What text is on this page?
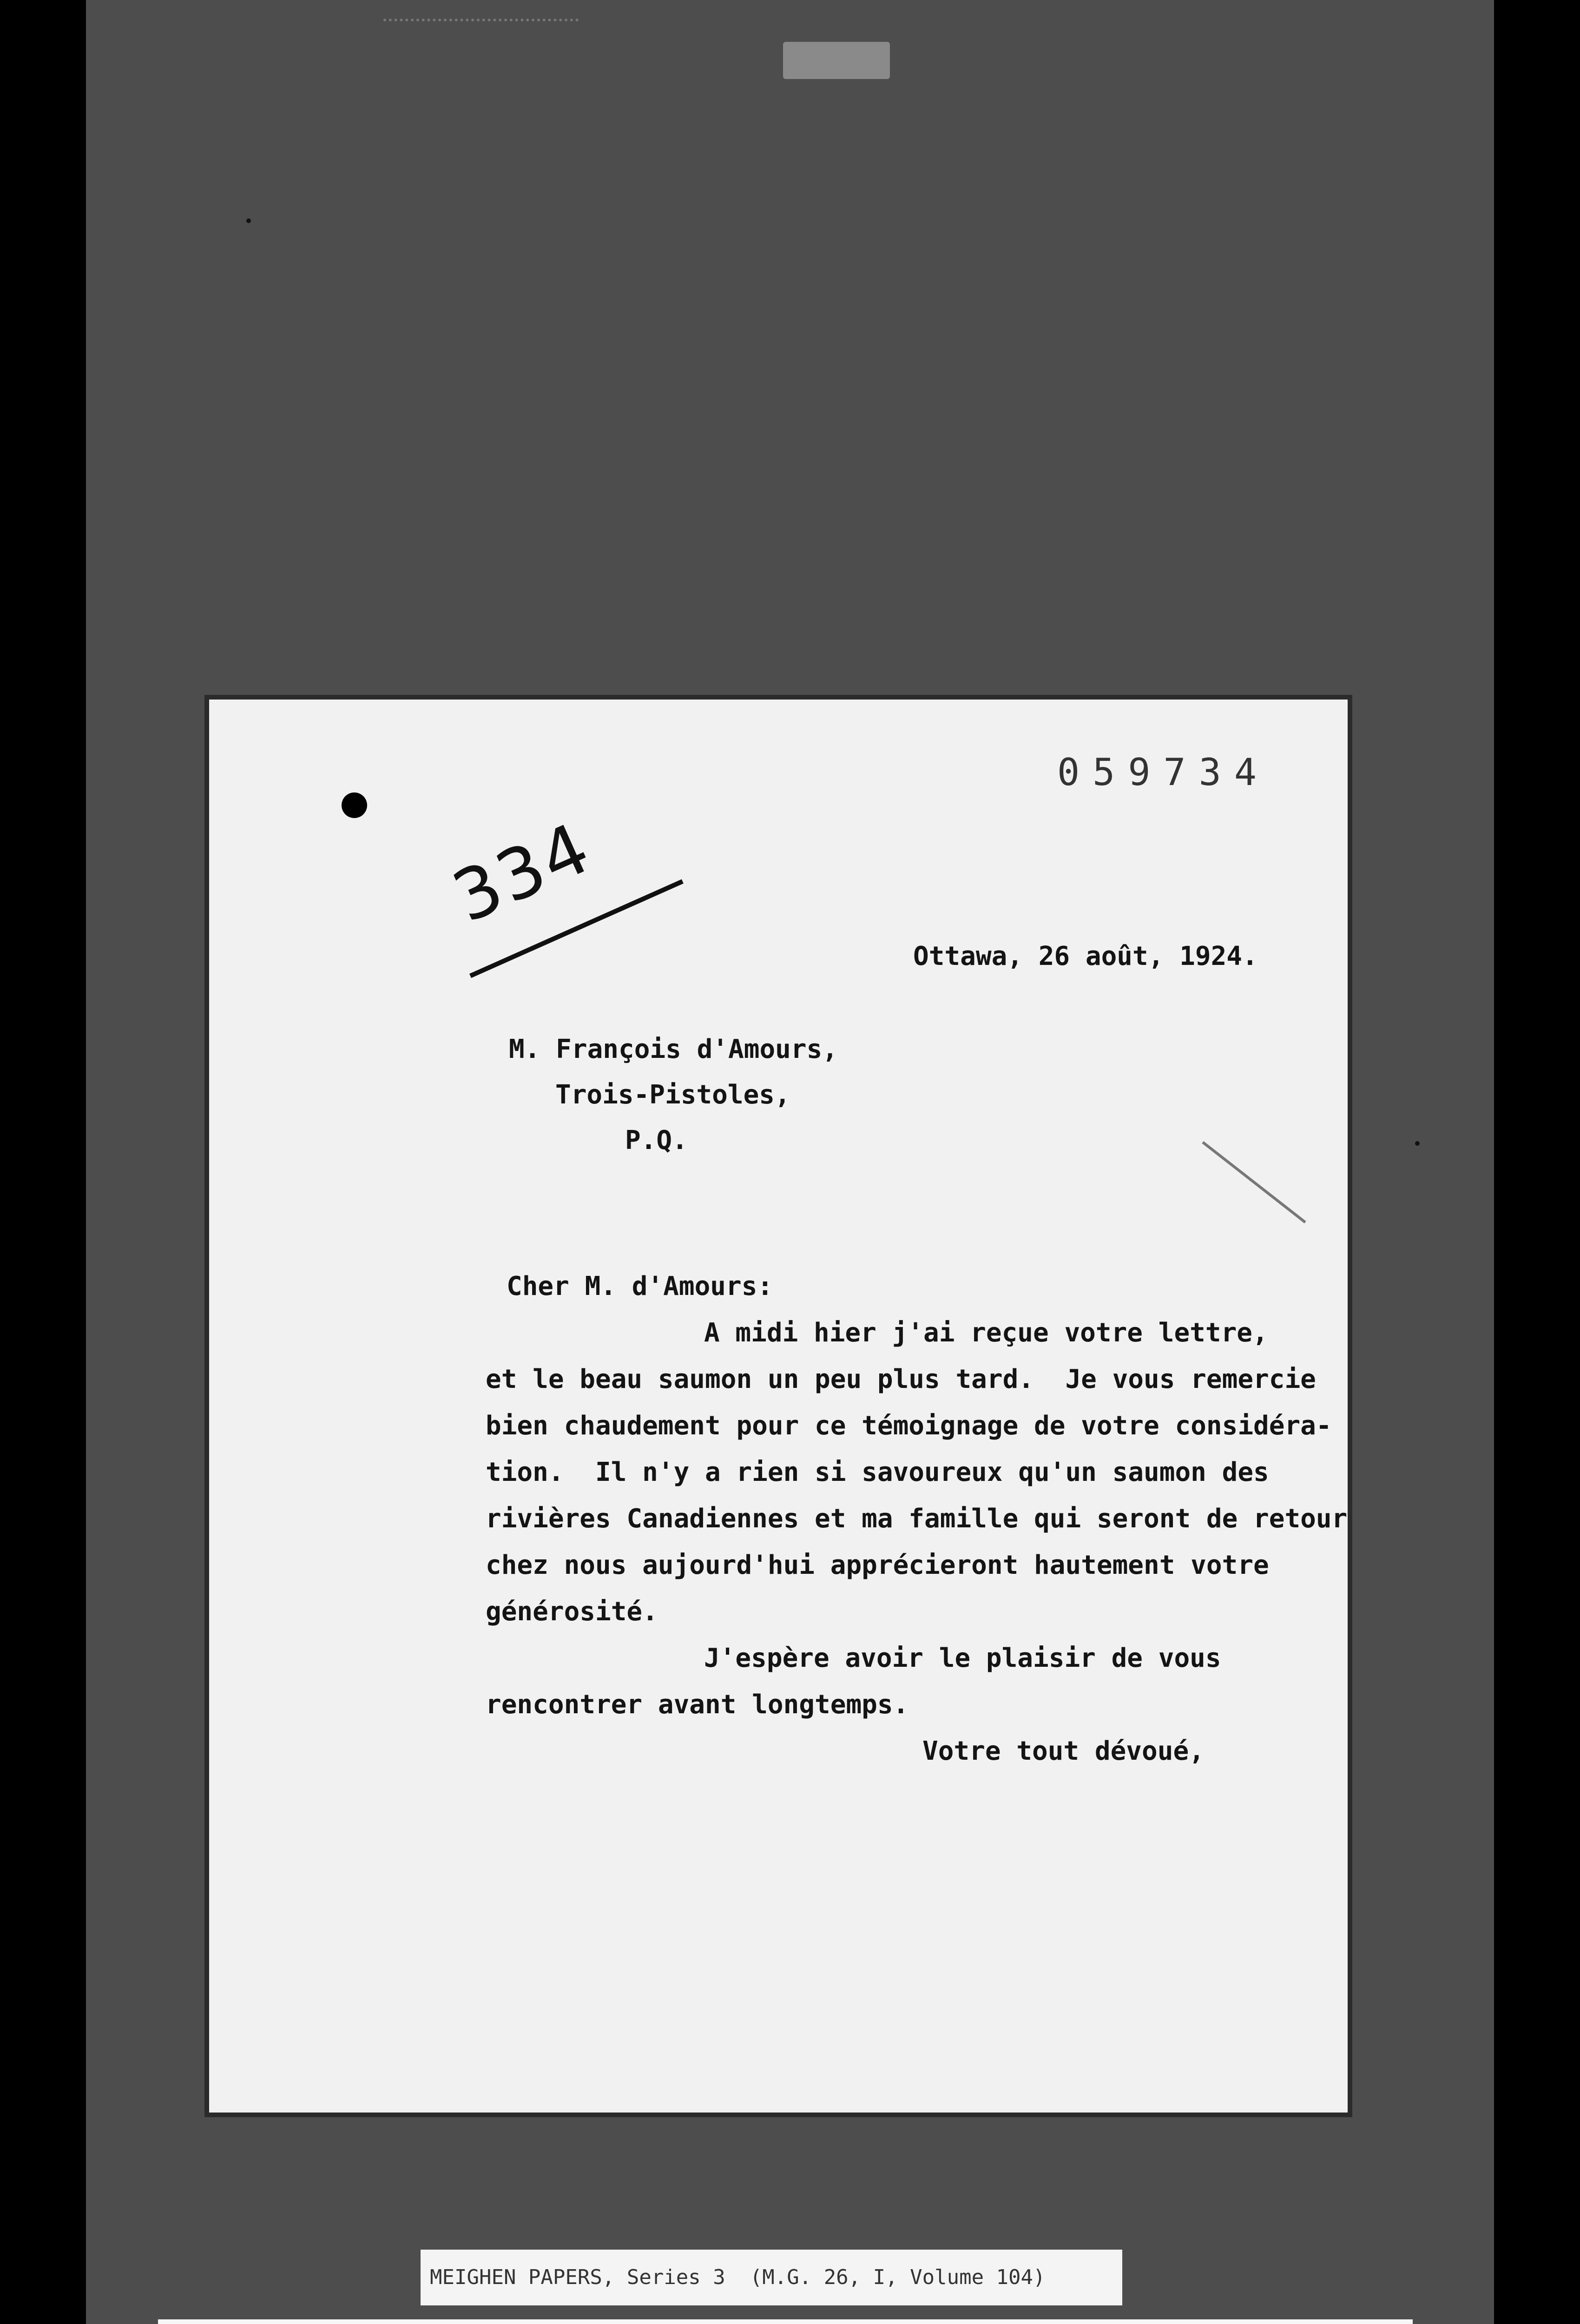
059734
334
Ottawa, 26 août, 1924.
M. François d'Amours,
Trois-Pistoles,
P.Q.
Cher M. d'Amours:
A midi hier j'ai reçue votre lettre,
et le beau saumon un peu plus tard.  Je vous remercie
bien chaudement pour ce témoignage de votre considéra-
tion.  Il n'y a rien si savoureux qu'un saumon des
rivières Canadiennes et ma famille qui seront de retour
chez nous aujourd'hui apprécieront hautement votre
générosité.
J'espère avoir le plaisir de vous
rencontrer avant longtemps.
Votre tout dévoué,
MEIGHEN PAPERS, Series 3  (M.G. 26, I, Volume 104)
